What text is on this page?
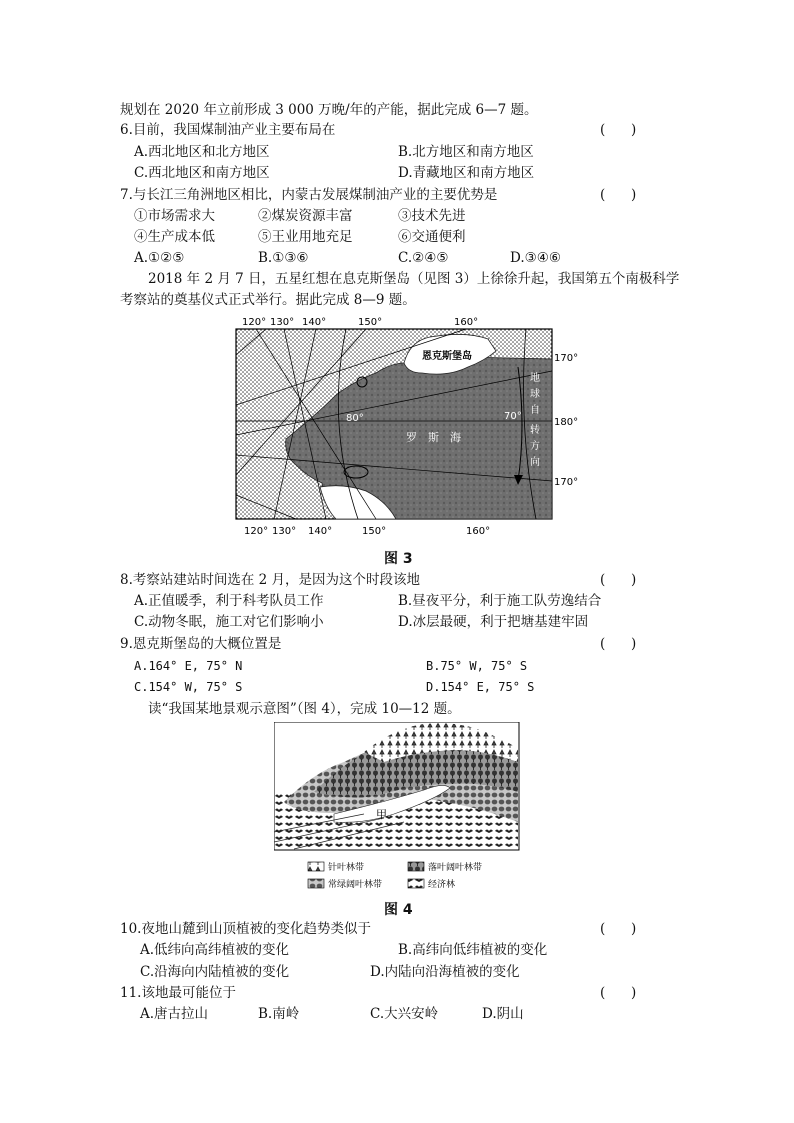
规划在 2020 年立前形成 3 000 万晚/年的产能，据此完成 6—7 题。
6.目前，我国煤制油产业主要布局在	(      )
A.西北地区和北方地区	B.北方地区和南方地区
C.西北地区和南方地区	D.青藏地区和南方地区
7.与长江三角洲地区相比，内蒙古发展煤制油产业的主要优势是	(      )
①市场需求大	②煤炭资源丰富	③技术先进
④生产成本低	⑤王业用地充足	⑥交通便利
A.①②⑤	B.①③⑥	C.②④⑤	D.③④⑥
2018 年 2 月 7 日，五星红想在息克斯堡岛（见图 3）上徐徐升起，我国第五个南极科学
考察站的奠基仪式正式举行。据此完成 8—9 题。
120° 130° 140°	150°	160°
120° 130° 140°	150°	160°
170°
180°
170°
80°	70°
恩克斯堡岛
罗　斯　海
地
球
自
转
方
向
图 3
8.考察站建站时间选在 2 月，是因为这个时段该地	(      )
A.正值暖季，利于科考队员工作	B.昼夜平分，利于施工队劳逸结合
C.动物冬眠，施工对它们影响小	D.冰层最硬，利于把塘基建牢固
9.恩克斯堡岛的大概位置是	(      )
A.164° E, 75° N	B.75° W, 75° S
C.154° W, 75° S	D.154° E, 75° S
读“我国某地景观示意图”（图 4），完成 10—12 题。
甲
针叶林带	落叶阔叶林带
常绿阔叶林带	经济林
图 4
10.夜地山麓到山顶植被的变化趋势类似于	(      )
A.低纬向高纬植被的变化	B.高纬向低纬植被的变化
C.沿海向内陆植被的变化	D.内陆向沿海植被的变化
11.该地最可能位于	(      )
A.唐古拉山	B.南岭	C.大兴安岭	D.阴山
